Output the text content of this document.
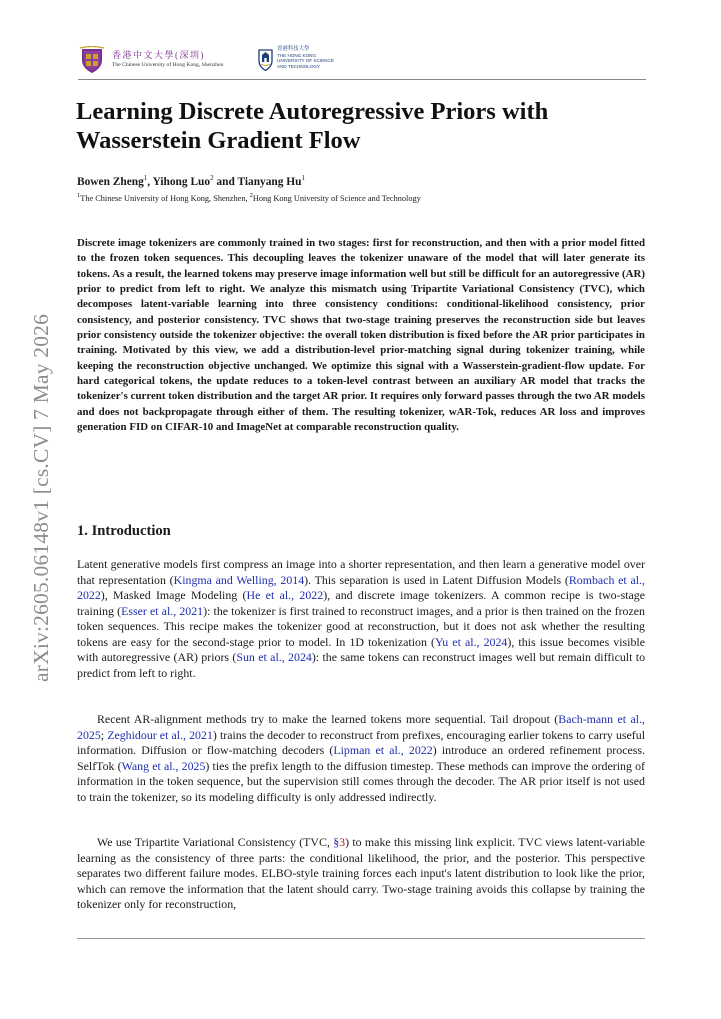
arXiv:2605.06148v1 [cs.CV] 7 May 2026
香港中文大學(深圳)
The Chinese University of Hong Kong, Shenzhen
香港科技大學
THE HONG KONG
UNIVERSITY OF SCIENCE
AND TECHNOLOGY
Learning Discrete Autoregressive Priors with Wasserstein Gradient Flow
Bowen Zheng$^1$, Yihong Luo$^2$ and Tianyang Hu$^1$
$^1$The Chinese University of Hong Kong, Shenzhen, $^2$Hong Kong University of Science and Technology
Discrete image tokenizers are commonly trained in two stages: first for reconstruction, and then with a prior model fitted to the frozen token sequences. This decoupling leaves the tokenizer unaware of the model that will later generate its tokens. As a result, the learned tokens may preserve image information well but still be difficult for an autoregressive (AR) prior to predict from left to right. We analyze this mismatch using Tripartite Variational Consistency (TVC), which decomposes latent-variable learning into three consistency conditions: conditional-likelihood consistency, prior consistency, and posterior consistency. TVC shows that two-stage training preserves the reconstruction side but leaves prior consistency outside the tokenizer objective: the overall token distribution is fixed before the AR prior participates in training. Motivated by this view, we add a distribution-level prior-matching signal during tokenizer training, while keeping the reconstruction objective unchanged. We optimize this signal with a Wasserstein-gradient-flow update. For hard categorical tokens, the update reduces to a token-level contrast between an auxiliary AR model that tracks the tokenizer's current token distribution and the target AR prior. It requires only forward passes through the two AR models and does not backpropagate through either of them. The resulting tokenizer, wAR-Tok, reduces AR loss and improves generation FID on CIFAR-10 and ImageNet at comparable reconstruction quality.
1. Introduction
Latent generative models first compress an image into a shorter representation, and then learn a generative model over that representation (Kingma and Welling, 2014). This separation is used in Latent Diffusion Models (Rombach et al., 2022), Masked Image Modeling (He et al., 2022), and discrete image tokenizers. A common recipe is two-stage training (Esser et al., 2021): the tokenizer is first trained to reconstruct images, and a prior is then trained on the frozen token sequences. This recipe makes the tokenizer good at reconstruction, but it does not ask whether the resulting tokens are easy for the second-stage prior to model. In 1D tokenization (Yu et al., 2024), this issue becomes visible with autoregressive (AR) priors (Sun et al., 2024): the same tokens can reconstruct images well but remain difficult to predict from left to right.
Recent AR-alignment methods try to make the learned tokens more sequential. Tail dropout (Bach-mann et al., 2025; Zeghidour et al., 2021) trains the decoder to reconstruct from prefixes, encouraging earlier tokens to carry useful information. Diffusion or flow-matching decoders (Lipman et al., 2022) introduce an ordered refinement process. SelfTok (Wang et al., 2025) ties the prefix length to the diffusion timestep. These methods can improve the ordering of information in the token sequence, but the supervision still comes through the decoder. The AR prior itself is not used to train the tokenizer, so its modeling difficulty is only addressed indirectly.
We use Tripartite Variational Consistency (TVC, §3) to make this missing link explicit. TVC views latent-variable learning as the consistency of three parts: the conditional likelihood, the prior, and the posterior. This perspective separates two different failure modes. ELBO-style training forces each input's latent distribution to look like the prior, which can remove the information that the latent should carry. Two-stage training avoids this collapse by training the tokenizer only for reconstruction,
